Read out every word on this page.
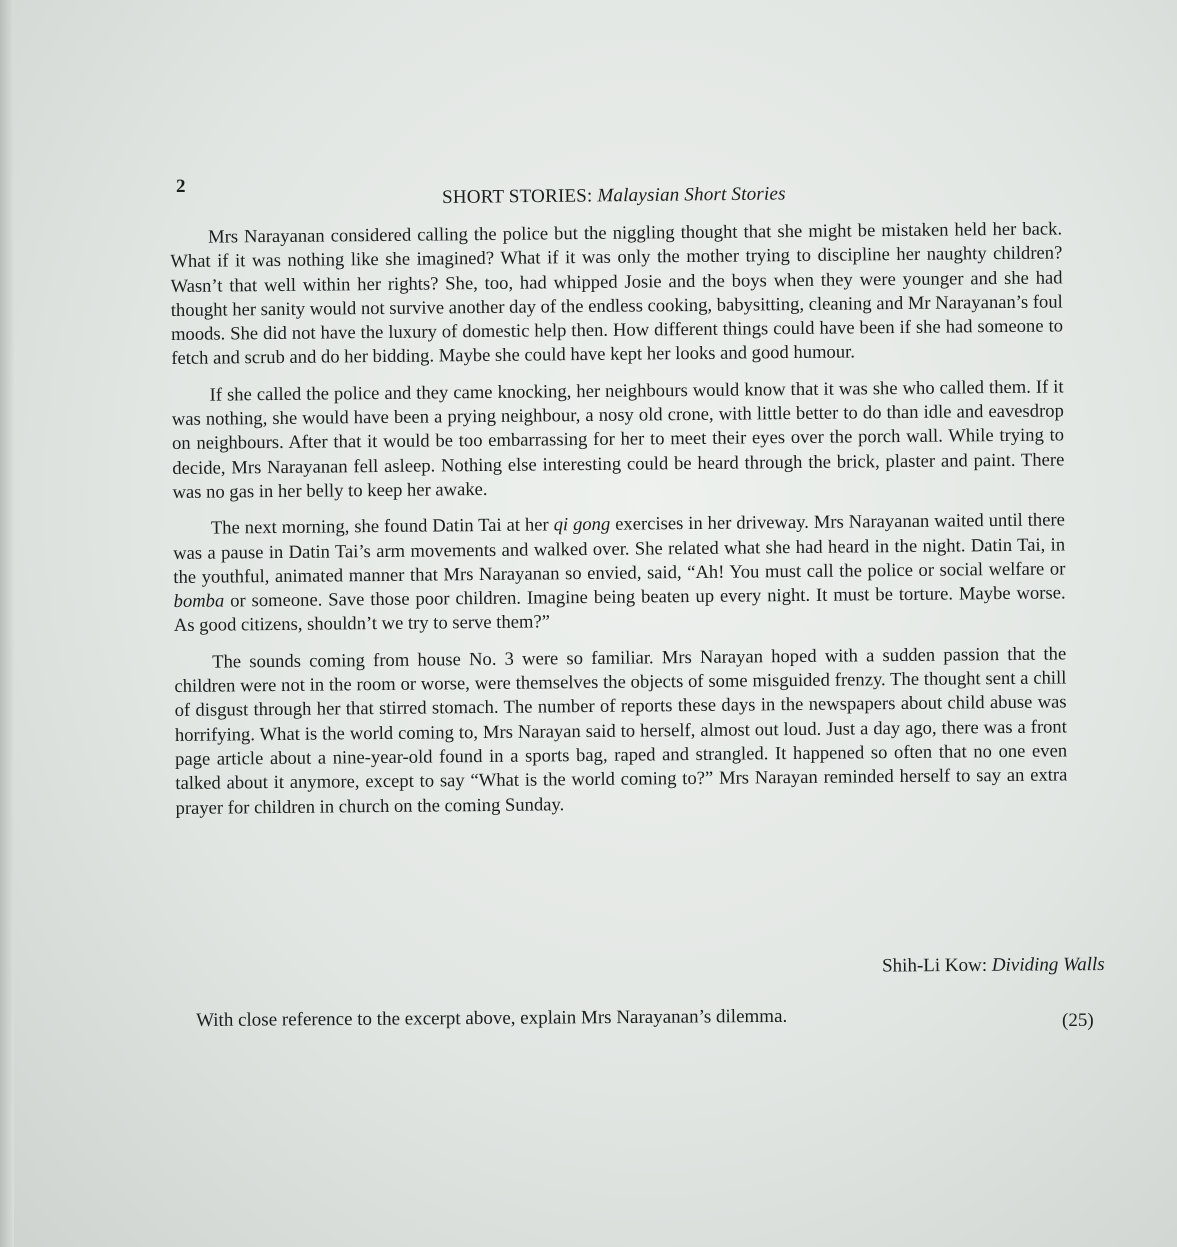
2	SHORT STORIES: Malaysian Short Stories

Mrs Narayanan considered calling the police but the niggling thought that she might be mistaken held her back. What if it was nothing like she imagined? What if it was only the mother trying to discipline her naughty children? Wasn’t that well within her rights? She, too, had whipped Josie and the boys when they were younger and she had thought her sanity would not survive another day of the endless cooking, babysitting, cleaning and Mr Narayanan’s foul moods. She did not have the luxury of domestic help then. How different things could have been if she had someone to fetch and scrub and do her bidding. Maybe she could have kept her looks and good humour.

If she called the police and they came knocking, her neighbours would know that it was she who called them. If it was nothing, she would have been a prying neighbour, a nosy old crone, with little better to do than idle and eavesdrop on neighbours. After that it would be too embarrassing for her to meet their eyes over the porch wall. While trying to decide, Mrs Narayanan fell asleep. Nothing else interesting could be heard through the brick, plaster and paint. There was no gas in her belly to keep her awake.

The next morning, she found Datin Tai at her qi gong exercises in her driveway. Mrs Narayanan waited until there was a pause in Datin Tai’s arm movements and walked over. She related what she had heard in the night. Datin Tai, in the youthful, animated manner that Mrs Narayanan so envied, said, “Ah! You must call the police or social welfare or bomba or someone. Save those poor children. Imagine being beaten up every night. It must be torture. Maybe worse. As good citizens, shouldn’t we try to serve them?”

The sounds coming from house No. 3 were so familiar. Mrs Narayan hoped with a sudden passion that the children were not in the room or worse, were themselves the objects of some misguided frenzy. The thought sent a chill of disgust through her that stirred stomach. The number of reports these days in the newspapers about child abuse was horrifying. What is the world coming to, Mrs Narayan said to herself, almost out loud. Just a day ago, there was a front page article about a nine-year-old found in a sports bag, raped and strangled. It happened so often that no one even talked about it anymore, except to say “What is the world coming to?” Mrs Narayan reminded herself to say an extra prayer for children in church on the coming Sunday.

Shih-Li Kow: Dividing Walls
With close reference to the excerpt above, explain Mrs Narayanan’s dilemma.	(25)
